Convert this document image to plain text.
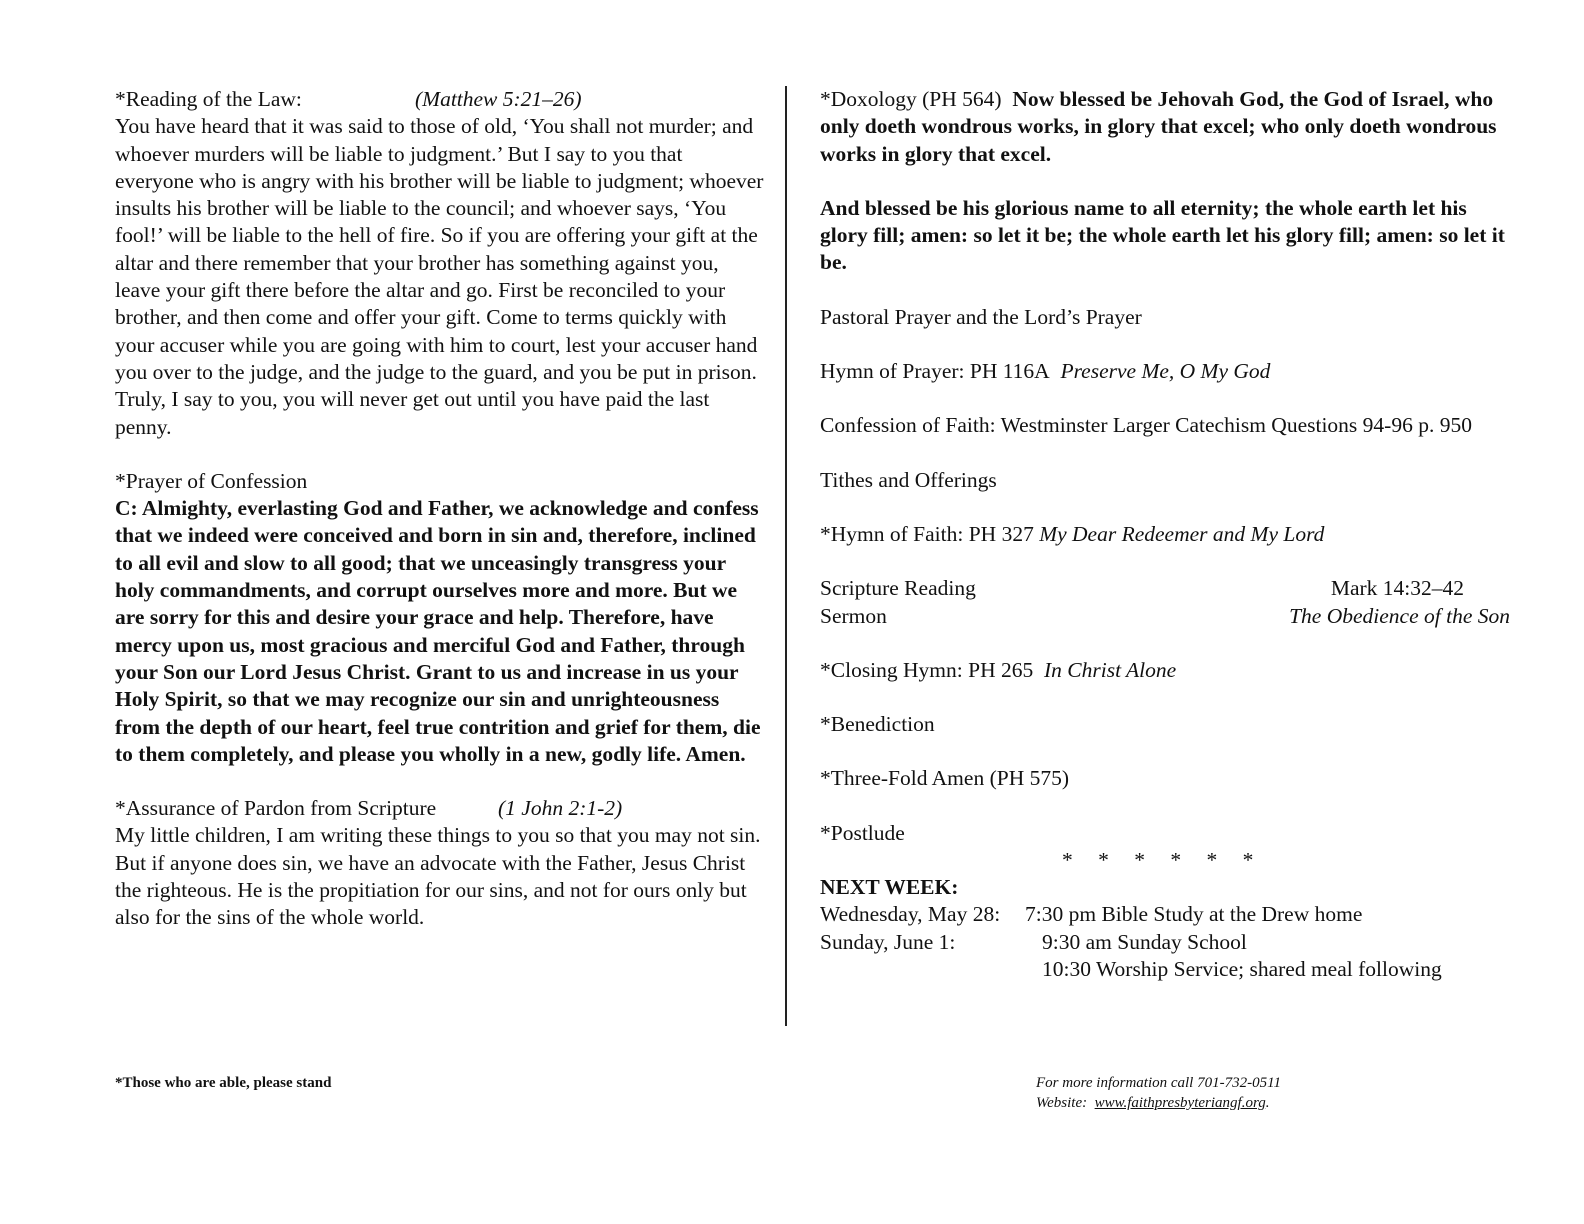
*Reading of the Law:	(Matthew 5:21–26)

You have heard that it was said to those of old, ‘You shall not murder; and whoever murders will be liable to judgment.’ But I say to you that everyone who is angry with his brother will be liable to judgment; whoever insults his brother will be liable to the council; and whoever says, ‘You fool!’ will be liable to the hell of fire. So if you are offering your gift at the altar and there remember that your brother has something against you, leave your gift there before the altar and go. First be reconciled to your brother, and then come and offer your gift. Come to terms quickly with your accuser while you are going with him to court, lest your accuser hand you over to the judge, and the judge to the guard, and you be put in prison. Truly, I say to you, you will never get out until you have paid the last penny.

*Prayer of Confession

C: Almighty, everlasting God and Father, we acknowledge and confess that we indeed were conceived and born in sin and, therefore, inclined to all evil and slow to all good; that we unceasingly transgress your holy commandments, and corrupt ourselves more and more. But we are sorry for this and desire your grace and help. Therefore, have mercy upon us, most gracious and merciful God and Father, through your Son our Lord Jesus Christ. Grant to us and increase in us your Holy Spirit, so that we may recognize our sin and unrighteousness from the depth of our heart, feel true contrition and grief for them, die to them completely, and please you wholly in a new, godly life. Amen.

*Assurance of Pardon from Scripture	(1 John 2:1-2)

My little children, I am writing these things to you so that you may not sin. But if anyone does sin, we have an advocate with the Father, Jesus Christ the righteous. He is the propitiation for our sins, and not for ours only but also for the sins of the whole world.

*Doxology (PH 564) Now blessed be Jehovah God, the God of Israel, who only doeth wondrous works, in glory that excel; who only doeth wondrous works in glory that excel.

And blessed be his glorious name to all eternity; the whole earth let his glory fill; amen: so let it be; the whole earth let his glory fill; amen: so let it be.

Pastoral Prayer and the Lord’s Prayer

Hymn of Prayer: PH 116A Preserve Me, O My God

Confession of Faith: Westminster Larger Catechism Questions 94-96 p. 950

Tithes and Offerings

*Hymn of Faith: PH 327 My Dear Redeemer and My Lord

Scripture Reading	Mark 14:32–42
Sermon	The Obedience of the Son

*Closing Hymn: PH 265 In Christ Alone

*Benediction

*Three-Fold Amen (PH 575)

*Postlude

* * * * * *

NEXT WEEK:

Wednesday, May 28:	7:30 pm Bible Study at the Drew home
Sunday, June 1:	9:30 am Sunday School
10:30 Worship Service; shared meal following
*Those who are able, please stand	For more information call 701-732-0511
Website: www.faithpresbyteriangf.org.
